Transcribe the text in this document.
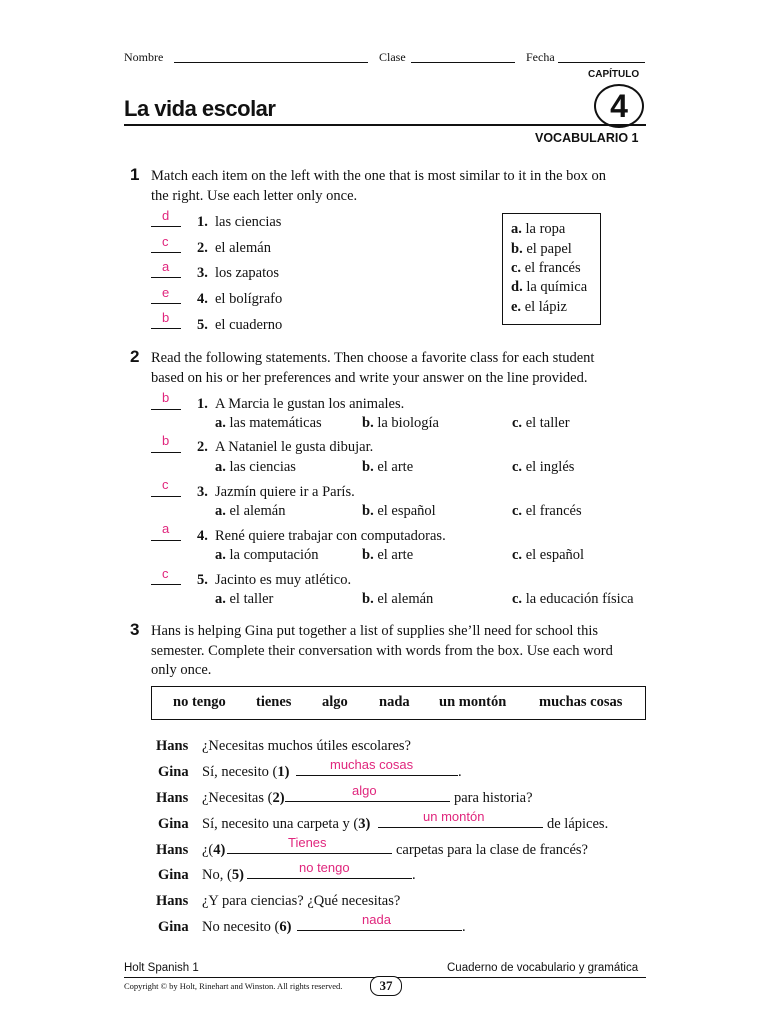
Nombre	Clase	Fecha
CAPÍTULO
4
La vida escolar
VOCABULARIO 1
1 Match each item on the left with the one that is most similar to it in the box on
the right. Use each letter only once.
d 1. las ciencias
c 2. el alemán
a 3. los zapatos
e 4. el bolígrafo
b 5. el cuaderno
a. la ropa
b. el papel
c. el francés
d. la química
e. el lápiz
2 Read the following statements. Then choose a favorite class for each student
based on his or her preferences and write your answer on the line provided.
b 1. A Marcia le gustan los animales.
a. las matemáticas	b. la biología	c. el taller
b 2. A Nataniel le gusta dibujar.
a. las ciencias	b. el arte	c. el inglés
c 3. Jazmín quiere ir a París.
a. el alemán	b. el español	c. el francés
a 4. René quiere trabajar con computadoras.
a. la computación	b. el arte	c. el español
c 5. Jacinto es muy atlético.
a. el taller	b. el alemán	c. la educación física
3 Hans is helping Gina put together a list of supplies she’ll need for school this
semester. Complete their conversation with words from the box. Use each word
only once.
no tengo tienes algo nada un montón muchas cosas
Hans ¿Necesitas muchos útiles escolares?
Gina Sí, necesito (1)	muchas cosas	.
Hans ¿Necesitas (2)	algo	para historia?
Gina Sí, necesito una carpeta y (3)	un montón	de lápices.
Hans ¿(4)	Tienes	carpetas para la clase de francés?
Gina No, (5)	no tengo	.
Hans ¿Y para ciencias? ¿Qué necesitas?
Gina No necesito (6)	nada	.
Holt Spanish 1	Cuaderno de vocabulario y gramática
Copyright © by Holt, Rinehart and Winston. All rights reserved.	37
